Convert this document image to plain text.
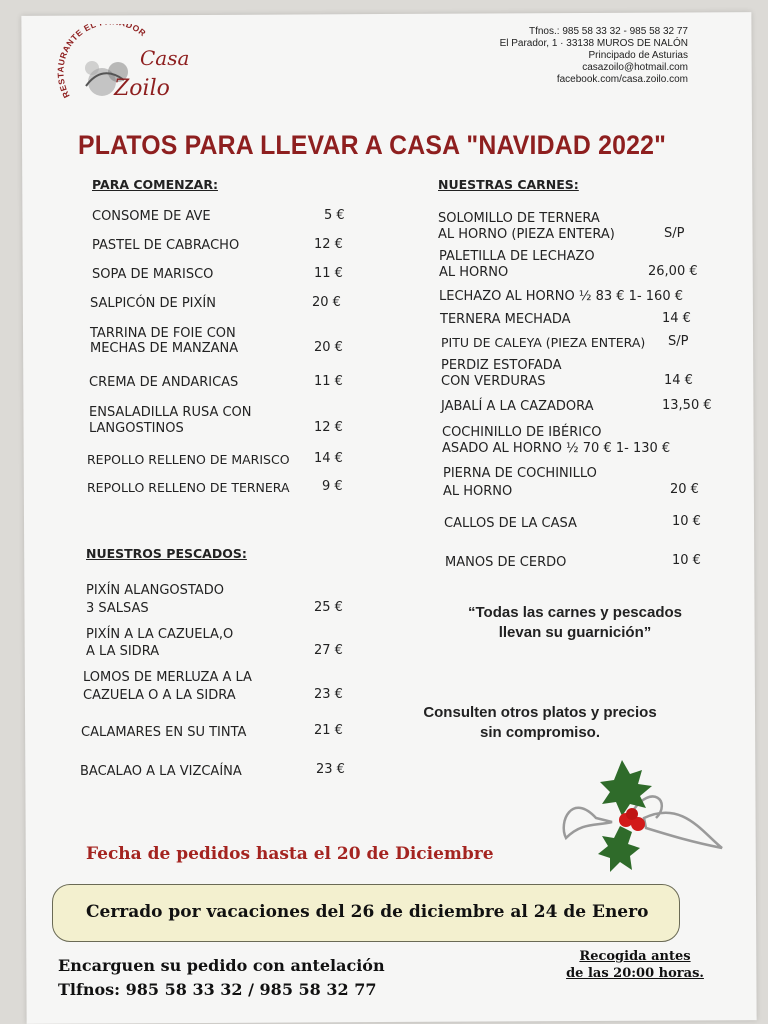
RESTAURANTE EL DOR
Casa
Zoilo
Tfnos.: 985 58 33 32 - 985 58 32 77
El Parador, 1 · 33138 MUROS DE NALÓN
Principado de Asturias
casazoilo@hotmail.com
facebook.com/casa.zoilo.com
PLATOS PARA LLEVAR A CASA "NAVIDAD 2022"
PARA COMENZAR:
CONSOME DE AVE	5 €
PASTEL DE CABRACHO	12 €
SOPA DE MARISCO	11 €
SALPICÓN DE PIXÍN	20 €
TARRINA DE FOIE CON
MECHAS DE MANZANA	20 €
CREMA DE ANDARICAS	11 €
ENSALADILLA RUSA CON
LANGOSTINOS	12 €
REPOLLO RELLENO DE MARISCO 14 €
REPOLLO RELLENO DE TERNERA 9 €
NUESTROS PESCADOS:
PIXÍN ALANGOSTADO
3 SALSAS	25 €
PIXÍN A LA CAZUELA,O
A LA SIDRA	27 €
LOMOS DE MERLUZA A LA
CAZUELA O A LA SIDRA	23 €
CALAMARES EN SU TINTA	21 €
BACALAO A LA VIZCAÍNA	23 €
NUESTRAS CARNES:
SOLOMILLO DE TERNERA
AL HORNO (PIEZA ENTERA)	S/P
PALETILLA DE LECHAZO
AL HORNO	26,00 €
LECHAZO AL HORNO ½ 83 € 1- 160 €
TERNERA MECHADA	14 €
PITU DE CALEYA (PIEZA ENTERA) S/P
PERDIZ ESTOFADA
CON VERDURAS	14 €
JABALÍ A LA CAZADORA	13,50 €
COCHINILLO DE IBÉRICO
ASADO AL HORNO ½ 70 € 1- 130 €
PIERNA DE COCHINILLO
AL HORNO	20 €
CALLOS DE LA CASA	10 €
MANOS DE CERDO	10 €
“Todas las carnes y pescados
llevan su guarnición”
Consulten otros platos y precios
sin compromiso.
Fecha de pedidos hasta el 20 de Diciembre
Cerrado por vacaciones del 26 de diciembre al 24 de Enero
Encarguen su pedido con antelación
Tlfnos: 985 58 33 32 / 985 58 32 77
Recogida antes
de las 20:00 horas.
